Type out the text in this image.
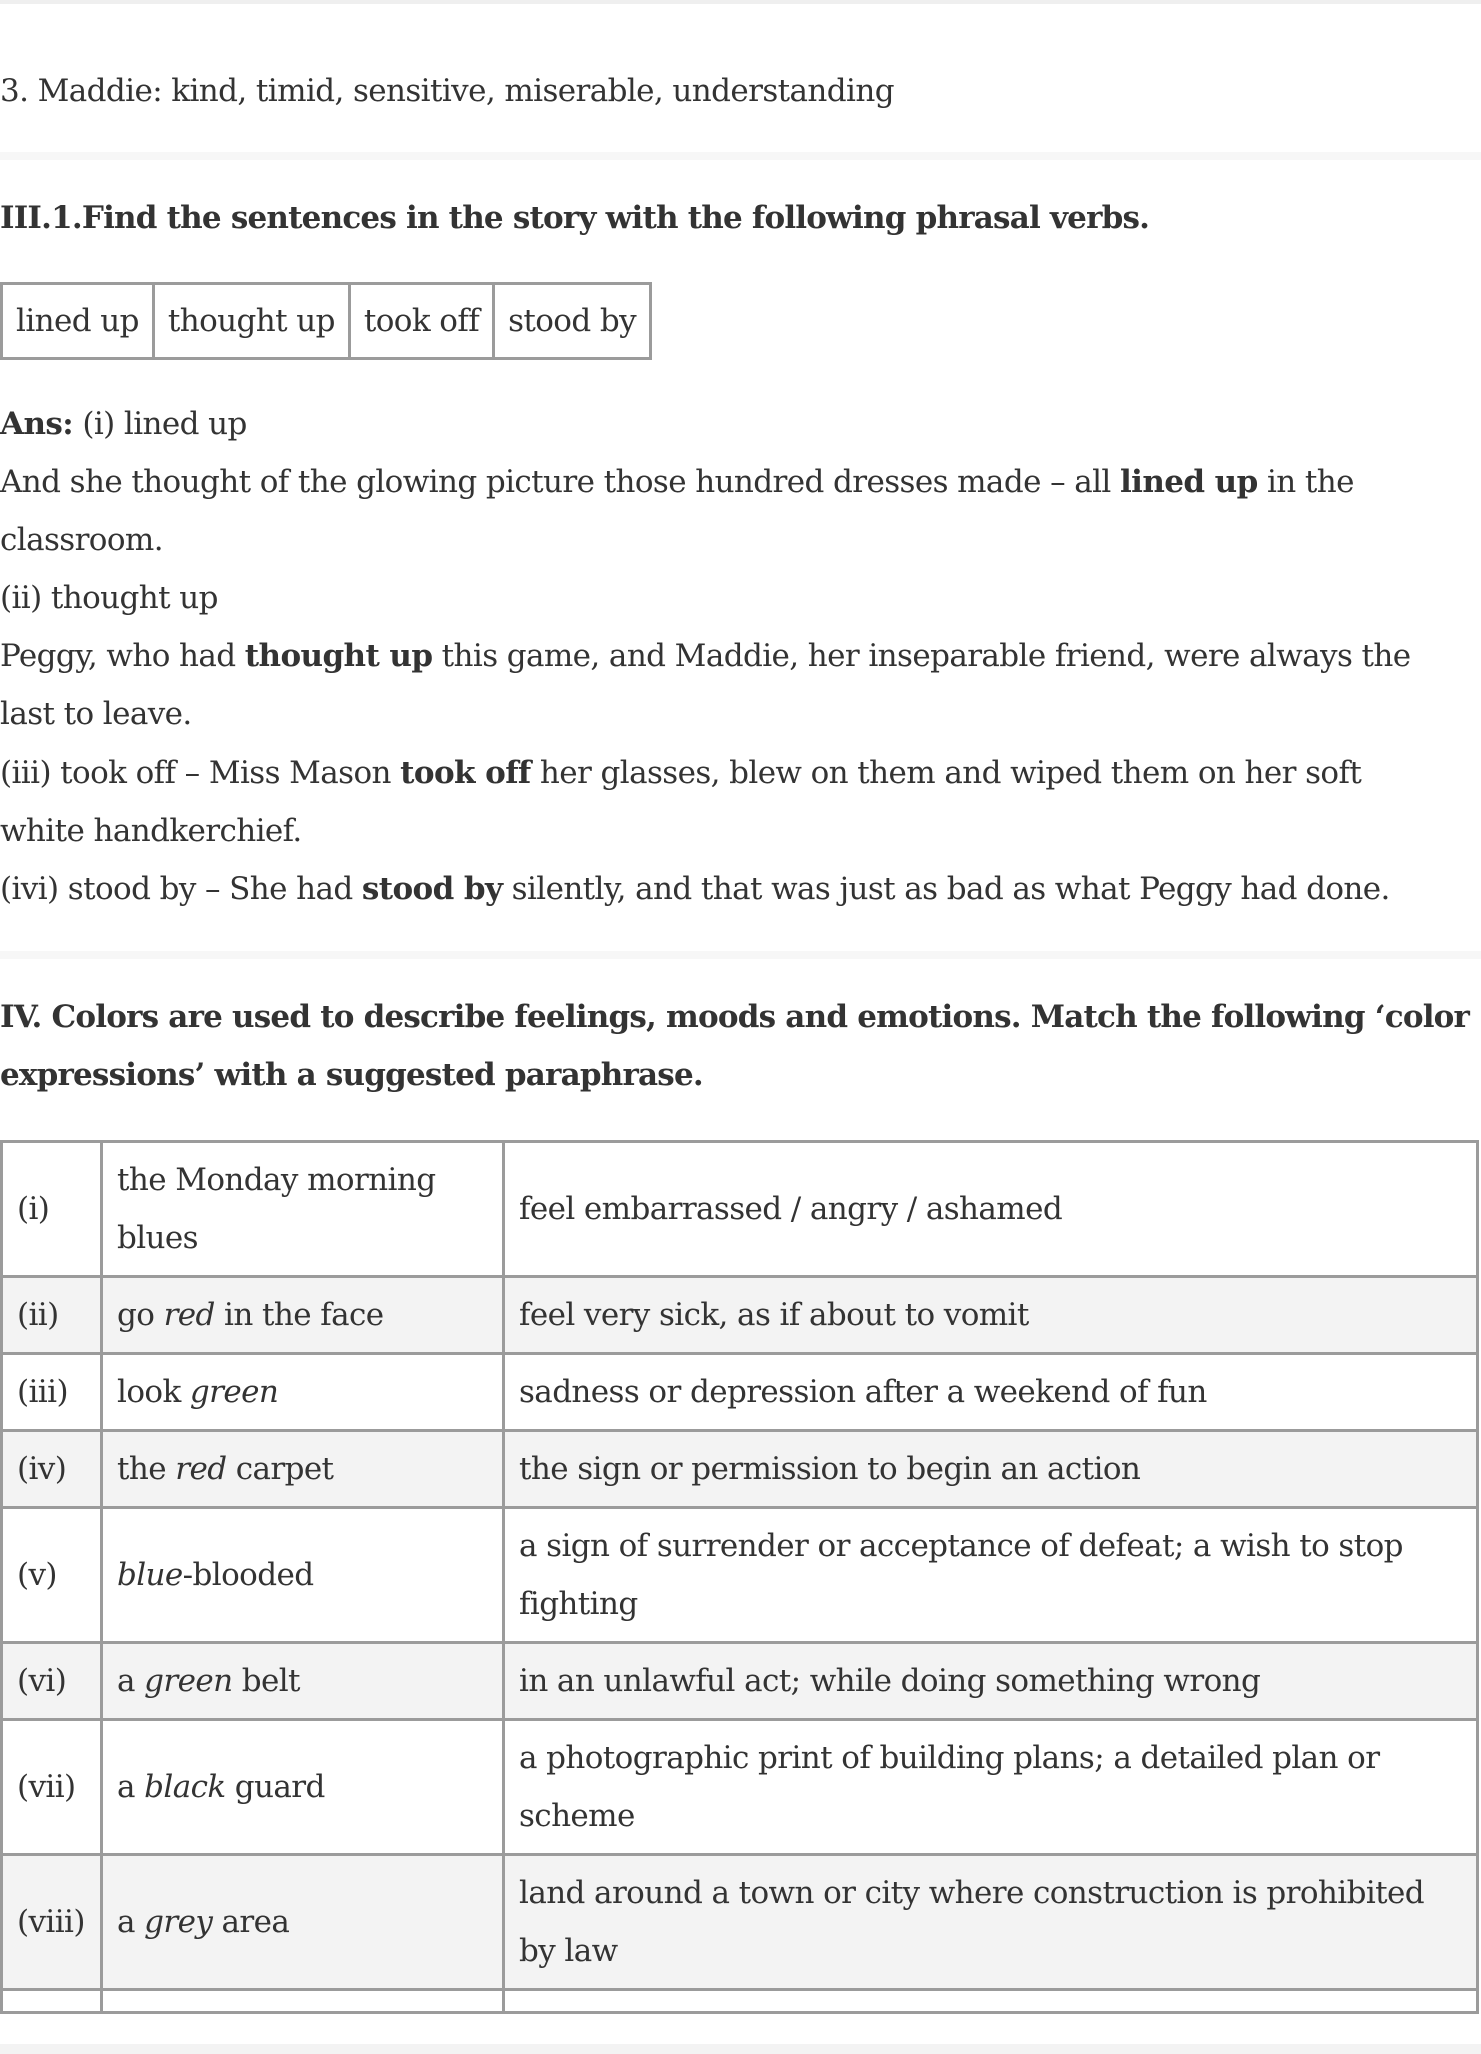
3. Maddie: kind, timid, sensitive, miserable, understanding
III.1.Find the sentences in the story with the following phrasal verbs.
lined up	thought up	took off	stood by
Ans: (i) lined up
And she thought of the glowing picture those hundred dresses made – all lined up in the
classroom.
(ii) thought up
Peggy, who had thought up this game, and Maddie, her inseparable friend, were always the
last to leave.
(iii) took off – Miss Mason took off her glasses, blew on them and wiped them on her soft
white handkerchief.
(ivi) stood by – She had stood by silently, and that was just as bad as what Peggy had done.
IV. Colors are used to describe feelings, moods and emotions. Match the following ‘color
expressions’ with a suggested paraphrase.
(i)	the Monday morning blues	feel embarrassed / angry / ashamed
(ii)	go red in the face	feel very sick, as if about to vomit
(iii)	look green	sadness or depression after a weekend of fun
(iv)	the red carpet	the sign or permission to begin an action
(v)	blue-blooded	a sign of surrender or acceptance of defeat; a wish to stop fighting
(vi)	a green belt	in an unlawful act; while doing something wrong
(vii)	a black guard	a photographic print of building plans; a detailed plan or scheme
(viii)	a grey area	land around a town or city where construction is prohibited by law
